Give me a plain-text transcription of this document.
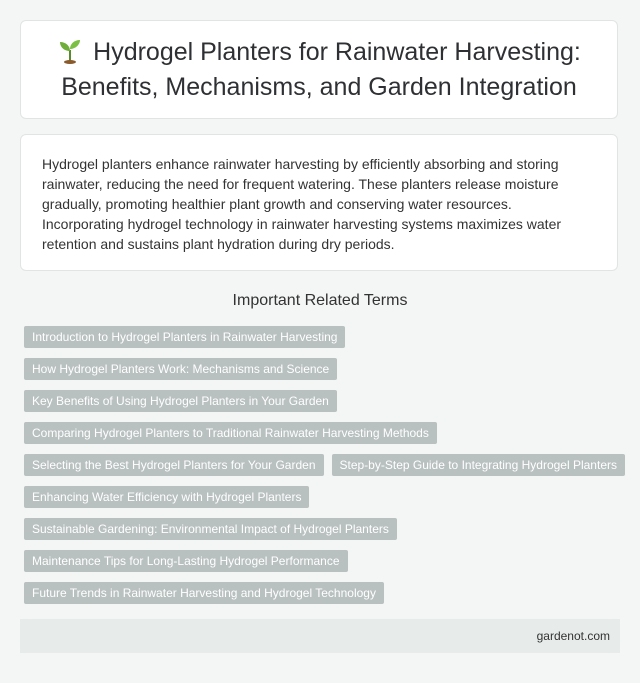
Hydrogel Planters for Rainwater Harvesting: Benefits, Mechanisms, and Garden Integration

Hydrogel planters enhance rainwater harvesting by efficiently absorbing and storing rainwater, reducing the need for frequent watering. These planters release moisture gradually, promoting healthier plant growth and conserving water resources. Incorporating hydrogel technology in rainwater harvesting systems maximizes water retention and sustains plant hydration during dry periods.

Important Related Terms
Introduction to Hydrogel Planters in Rainwater Harvesting
How Hydrogel Planters Work: Mechanisms and Science
Key Benefits of Using Hydrogel Planters in Your Garden
Comparing Hydrogel Planters to Traditional Rainwater Harvesting Methods
Selecting the Best Hydrogel Planters for Your Garden	Step-by-Step Guide to Integrating Hydrogel Planters
Enhancing Water Efficiency with Hydrogel Planters
Sustainable Gardening: Environmental Impact of Hydrogel Planters
Maintenance Tips for Long-Lasting Hydrogel Performance
Future Trends in Rainwater Harvesting and Hydrogel Technology
gardenot.com
